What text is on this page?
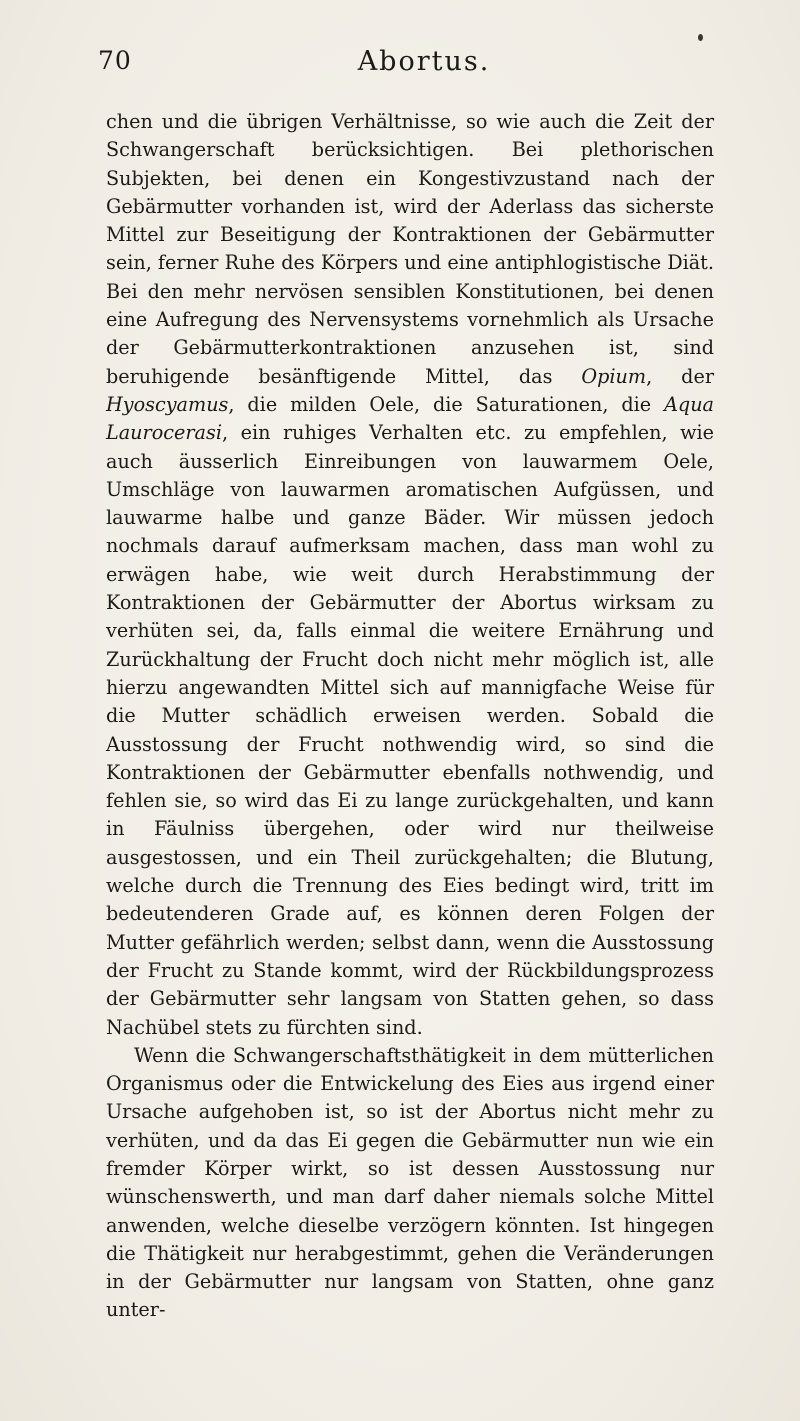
70	Abortus.

chen und die übrigen Verhältnisse, so wie auch die Zeit der Schwangerschaft berücksichtigen. Bei plethorischen Subjekten, bei denen ein Kongestivzustand nach der Gebärmutter vorhanden ist, wird der Aderlass das sicherste Mittel zur Beseitigung der Kontraktionen der Gebärmutter sein, ferner Ruhe des Körpers und eine antiphlogistische Diät. Bei den mehr nervösen sensiblen Konstitutionen, bei denen eine Aufregung des Nervensystems vornehmlich als Ursache der Gebärmutterkontraktionen anzusehen ist, sind beruhigende besänftigende Mittel, das Opium, der Hyoscyamus, die milden Oele, die Saturationen, die Aqua Laurocerasi, ein ruhiges Verhalten etc. zu empfehlen, wie auch äusserlich Einreibungen von lauwarmem Oele, Umschläge von lauwarmen aromatischen Aufgüssen, und lauwarme halbe und ganze Bäder. Wir müssen jedoch nochmals darauf aufmerksam machen, dass man wohl zu erwägen habe, wie weit durch Herabstimmung der Kontraktionen der Gebärmutter der Abortus wirksam zu verhüten sei, da, falls einmal die weitere Ernährung und Zurückhaltung der Frucht doch nicht mehr möglich ist, alle hierzu angewandten Mittel sich auf mannigfache Weise für die Mutter schädlich erweisen werden. Sobald die Ausstossung der Frucht nothwendig wird, so sind die Kontraktionen der Gebärmutter ebenfalls nothwendig, und fehlen sie, so wird das Ei zu lange zurückgehalten, und kann in Fäulniss übergehen, oder wird nur theilweise ausgestossen, und ein Theil zurückgehalten; die Blutung, welche durch die Trennung des Eies bedingt wird, tritt im bedeutenderen Grade auf, es können deren Folgen der Mutter gefährlich werden; selbst dann, wenn die Ausstossung der Frucht zu Stande kommt, wird der Rückbildungsprozess der Gebärmutter sehr langsam von Statten gehen, so dass Nachübel stets zu fürchten sind.

Wenn die Schwangerschaftsthätigkeit in dem mütterlichen Organismus oder die Entwickelung des Eies aus irgend einer Ursache aufgehoben ist, so ist der Abortus nicht mehr zu verhüten, und da das Ei gegen die Gebärmutter nun wie ein fremder Körper wirkt, so ist dessen Ausstossung nur wünschenswerth, und man darf daher niemals solche Mittel anwenden, welche dieselbe verzögern könnten. Ist hingegen die Thätigkeit nur herabgestimmt, gehen die Veränderungen in der Gebärmutter nur langsam von Statten, ohne ganz unter-
